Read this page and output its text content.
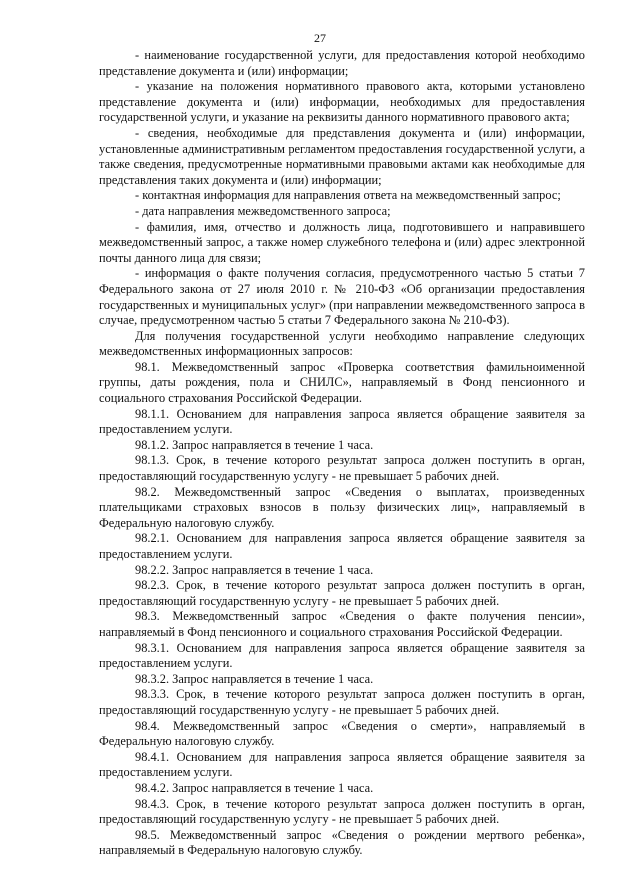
27

- наименование государственной услуги, для предоставления которой необходимо представление документа и (или) информации;

- указание на положения нормативного правового акта, которыми установлено представление документа и (или) информации, необходимых для предоставления государственной услуги, и указание на реквизиты данного нормативного правового акта;

- сведения, необходимые для представления документа и (или) информации, установленные административным регламентом предоставления государственной услуги, а также сведения, предусмотренные нормативными правовыми актами как необходимые для представления таких документа и (или) информации;

- контактная информация для направления ответа на межведомственный запрос;

- дата направления межведомственного запроса;

- фамилия, имя, отчество и должность лица, подготовившего и направившего межведомственный запрос, а также номер служебного телефона и (или) адрес электронной почты данного лица для связи;

- информация о факте получения согласия, предусмотренного частью 5 статьи 7 Федерального закона от 27 июля 2010 г. № 210-ФЗ «Об организации предоставления государственных и муниципальных услуг» (при направлении межведомственного запроса в случае, предусмотренном частью 5 статьи 7 Федерального закона № 210-ФЗ).

Для получения государственной услуги необходимо направление следующих межведомственных информационных запросов:

98.1. Межведомственный запрос «Проверка соответствия фамильноименной группы, даты рождения, пола и СНИЛС», направляемый в Фонд пенсионного и социального страхования Российской Федерации.

98.1.1. Основанием для направления запроса является обращение заявителя за предоставлением услуги.

98.1.2. Запрос направляется в течение 1 часа.

98.1.3. Срок, в течение которого результат запроса должен поступить в орган, предоставляющий государственную услугу - не превышает 5 рабочих дней.

98.2. Межведомственный запрос «Сведения о выплатах, произведенных плательщиками страховых взносов в пользу физических лиц», направляемый в Федеральную налоговую службу.

98.2.1. Основанием для направления запроса является обращение заявителя за предоставлением услуги.

98.2.2. Запрос направляется в течение 1 часа.

98.2.3. Срок, в течение которого результат запроса должен поступить в орган, предоставляющий государственную услугу - не превышает 5 рабочих дней.

98.3. Межведомственный запрос «Сведения о факте получения пенсии», направляемый в Фонд пенсионного и социального страхования Российской Федерации.

98.3.1. Основанием для направления запроса является обращение заявителя за предоставлением услуги.

98.3.2. Запрос направляется в течение 1 часа.

98.3.3. Срок, в течение которого результат запроса должен поступить в орган, предоставляющий государственную услугу - не превышает 5 рабочих дней.

98.4. Межведомственный запрос «Сведения о смерти», направляемый в Федеральную налоговую службу.

98.4.1. Основанием для направления запроса является обращение заявителя за предоставлением услуги.

98.4.2. Запрос направляется в течение 1 часа.

98.4.3. Срок, в течение которого результат запроса должен поступить в орган, предоставляющий государственную услугу - не превышает 5 рабочих дней.

98.5. Межведомственный запрос «Сведения о рождении мертвого ребенка», направляемый в Федеральную налоговую службу.
